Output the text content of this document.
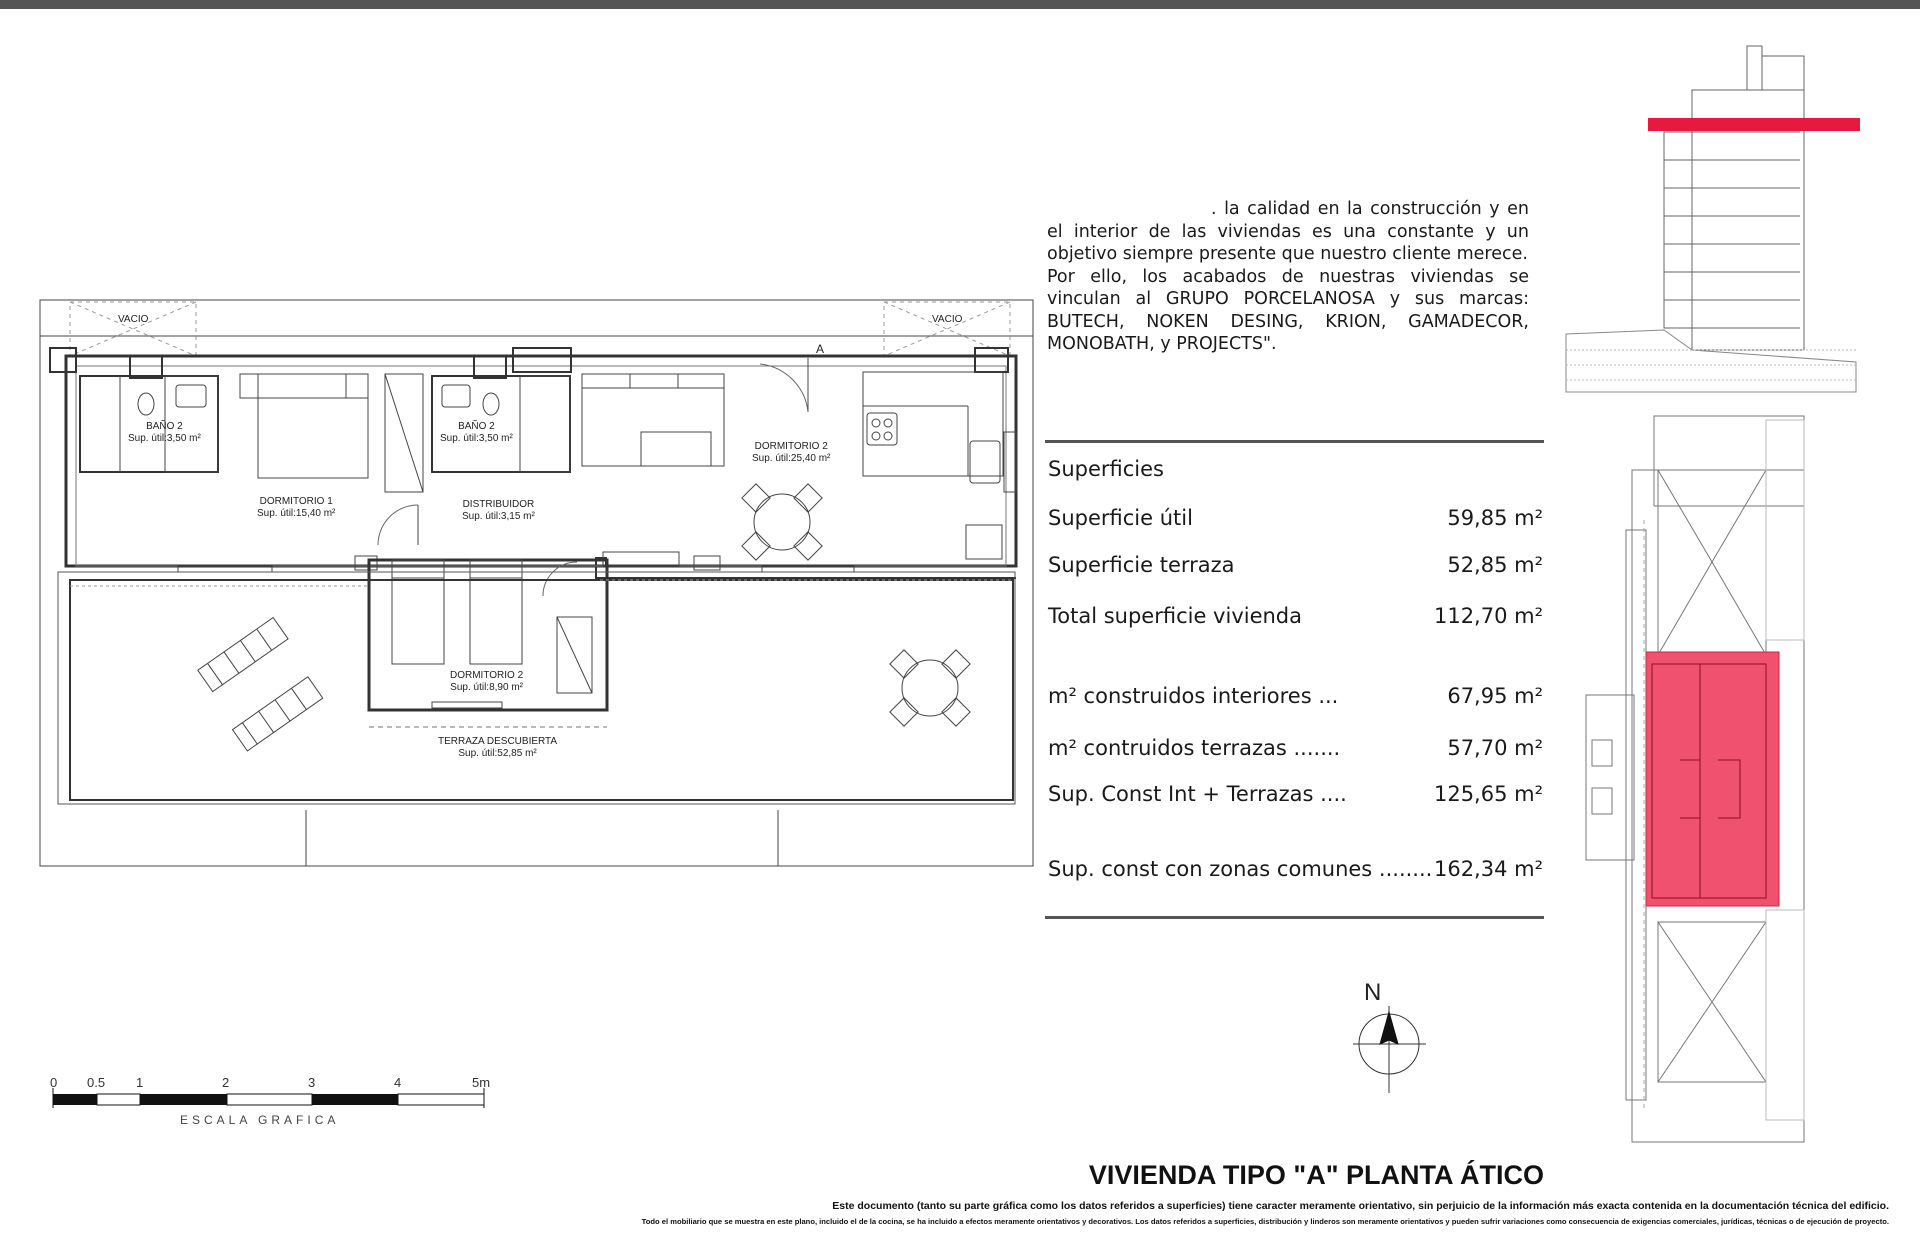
VACIO	VACIO
A
BAÑO 2
Sup. útil:3,50 m²
DORMITORIO 1
Sup. útil:15,40 m²
BAÑO 2
Sup. útil:3,50 m²
DISTRIBUIDOR
Sup. útil:3,15 m²
DORMITORIO 2
Sup. útil:25,40 m²
DORMITORIO 2
Sup. útil:8,90 m²
TERRAZA DESCUBIERTA
Sup. útil:52,85 m²

. la calidad en la construcción y en el interior de las viviendas es una constante y un objetivo siempre presente que nuestro cliente merece.

Por ello, los acabados de nuestras viviendas se vinculan al GRUPO PORCELANOSA y sus marcas: BUTECH, NOKEN DESING, KRION, GAMADECOR, MONOBATH, y PROJECTS".

Superficies
Superficie útil	59,85 m²
Superficie terraza	52,85 m²
Total superficie vivienda	112,70 m²
m² construidos interiores ...	67,95 m²
m² contruidos terrazas .......	57,70 m²
Sup. Const Int + Terrazas ....	125,65 m²
Sup. const con zonas comunes ........ 162,34 m²
0 0.5 1	2	3	4	5m
ESCALA GRAFICA
N
VIVIENDA TIPO "A" PLANTA ÁTICO
Este documento (tanto su parte gráfica como los datos referidos a superficies) tiene caracter meramente orientativo, sin perjuicio de la información más exacta contenida en la documentación técnica del edificio.
Todo el mobiliario que se muestra en este plano, incluido el de la cocina, se ha incluido a efectos meramente orientativos y decorativos. Los datos referidos a superficies, distribución y linderos son meramente orientativos y pueden sufrir variaciones como consecuencia de exigencias comerciales, jurídicas, técnicas o de ejecución de proyecto.
